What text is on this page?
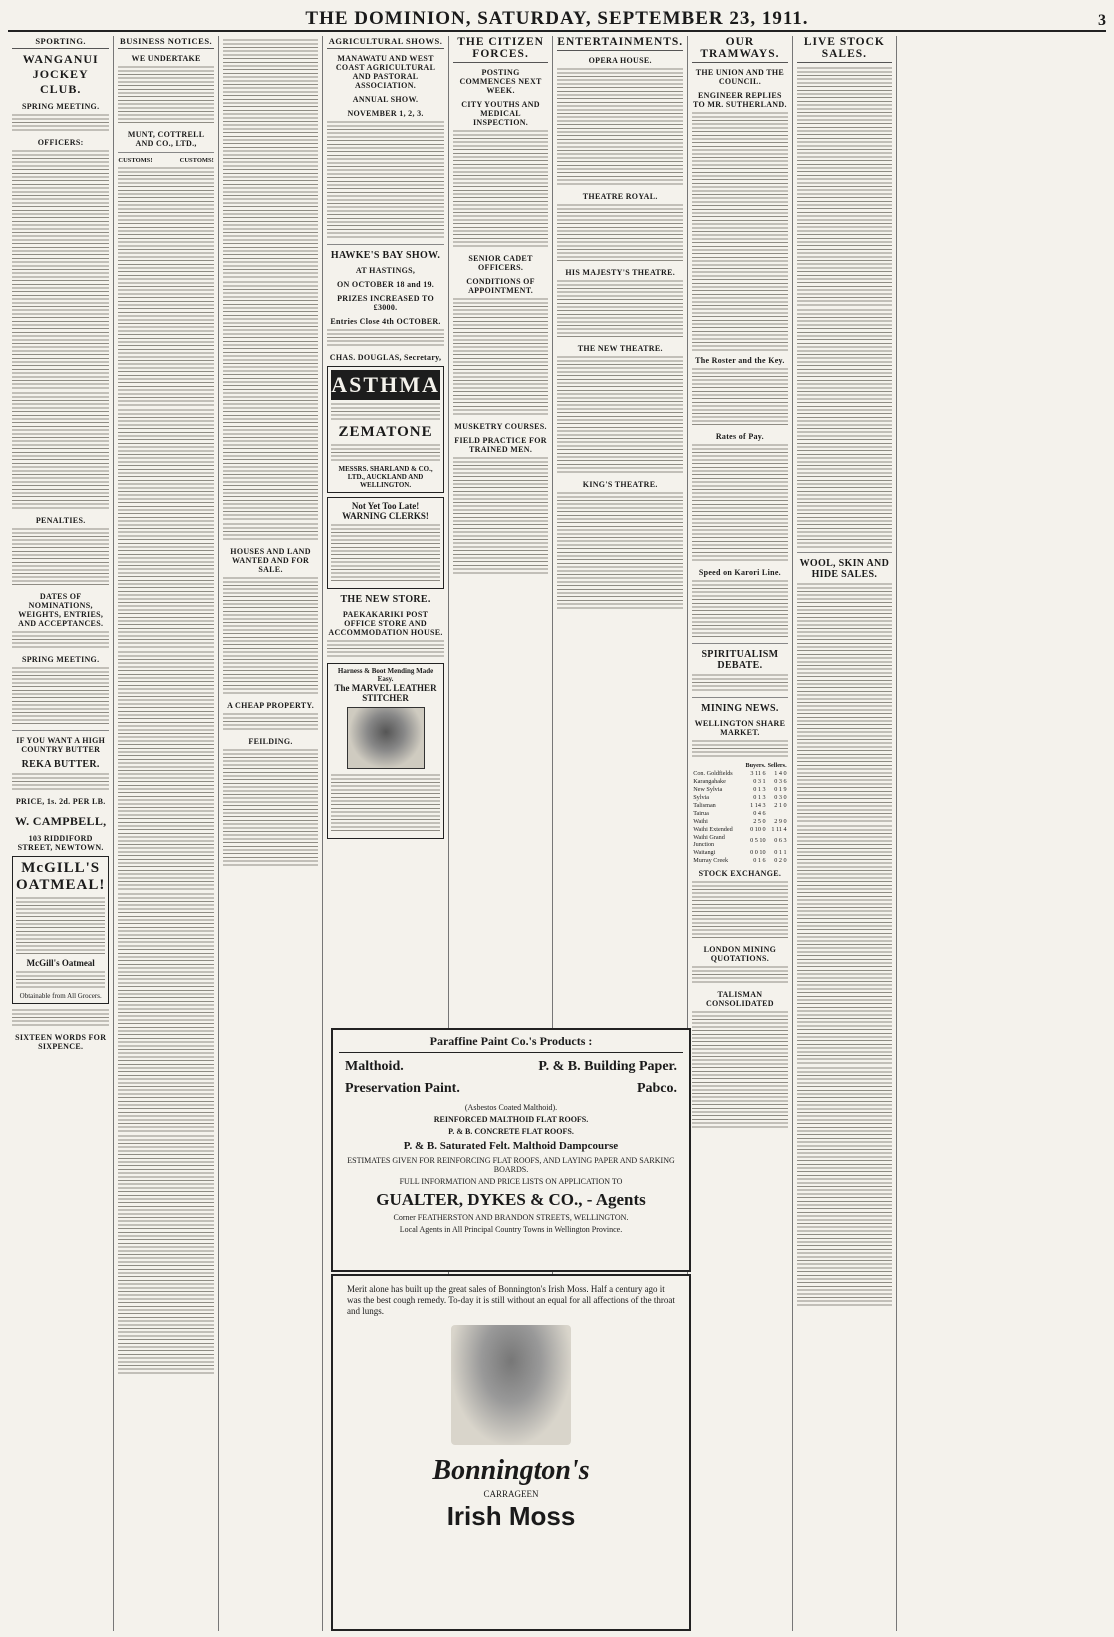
THE DOMINION, SATURDAY, SEPTEMBER 23, 1911.	3
SPORTING.
WANGANUI JOCKEY CLUB.
SPRING MEETING.
OFFICERS:
PENALTIES.
DATES OF NOMINATIONS, WEIGHTS, ENTRIES, AND ACCEPTANCES.
SPRING MEETING.
IF YOU WANT A HIGH COUNTRY BUTTER
REKA BUTTER.
PRICE, 1s. 2d. PER LB.
W. CAMPBELL,
103 RIDDIFORD STREET, NEWTOWN.
McGILL'S OATMEAL!
McGill's Oatmeal
Obtainable from All Grocers.
SIXTEEN WORDS FOR SIXPENCE.
BUSINESS NOTICES.
WE UNDERTAKE
MUNT, COTTRELL AND CO., LTD.,
CUSTOMS!	CUSTOMS!
HOUSES AND LAND WANTED AND FOR SALE.
A CHEAP PROPERTY.
FEILDING.
AGRICULTURAL SHOWS.
MANAWATU AND WEST COAST AGRICULTURAL AND PASTORAL ASSOCIATION.
ANNUAL SHOW.
NOVEMBER 1, 2, 3.
HAWKE'S BAY SHOW.
AT HASTINGS,
ON OCTOBER 18 and 19.
PRIZES INCREASED TO £3000.
Entries Close 4th OCTOBER.
CHAS. DOUGLAS, Secretary,
ASTHMA
ZEMATONE
MESSRS. SHARLAND & CO., LTD., AUCKLAND AND WELLINGTON.
Not Yet Too Late! WARNING CLERKS!
THE NEW STORE.
PAEKAKARIKI POST OFFICE STORE AND ACCOMMODATION HOUSE.
Harness & Boot Mending Made Easy.
The MARVEL LEATHER STITCHER
THE CITIZEN FORCES.
POSTING COMMENCES NEXT WEEK.
CITY YOUTHS AND MEDICAL INSPECTION.
SENIOR CADET OFFICERS.
CONDITIONS OF APPOINTMENT.
MUSKETRY COURSES.
FIELD PRACTICE FOR TRAINED MEN.
ENTERTAINMENTS.
OPERA HOUSE.
THEATRE ROYAL.
HIS MAJESTY'S THEATRE.
THE NEW THEATRE.
KING'S THEATRE.
OUR TRAMWAYS.
THE UNION AND THE COUNCIL.
ENGINEER REPLIES TO MR. SUTHERLAND.
The Roster and the Key.
Rates of Pay.
Speed on Karori Line.
SPIRITUALISM DEBATE.
MINING NEWS.
WELLINGTON SHARE MARKET.
	Buyers.	Sellers.
Con. Goldfields	3 11 6	1 4 0
Karangahake	0 3 1	0 3 6
New Sylvia	0 1 3	0 1 9
Sylvia	0 1 3	0 3 0
Talisman	1 14 3	2 1 0
Tairua	0 4 6	
Waihi	2 5 0	2 9 0
Waihi Extended	0 10 0	1 11 4
Waihi Grand Junction	0 5 10	0 6 3
Waitangi	0 0 10	0 1 1
Murray Creek	0 1 6	0 2 0
STOCK EXCHANGE.
LONDON MINING QUOTATIONS.
TALISMAN CONSOLIDATED
LIVE STOCK SALES.
WOOL, SKIN AND HIDE SALES.
Paraffine Paint Co.'s Products :
Malthoid.	P. & B. Building Paper.
Preservation Paint.	Pabco.
(Asbestos Coated Malthoid).
REINFORCED MALTHOID FLAT ROOFS.
P. & B. CONCRETE FLAT ROOFS.
P. & B. Saturated Felt. Malthoid Dampcourse
ESTIMATES GIVEN FOR REINFORCING FLAT ROOFS, AND LAYING PAPER AND SARKING BOARDS.
FULL INFORMATION AND PRICE LISTS ON APPLICATION TO
GUALTER, DYKES & CO., - Agents
Corner FEATHERSTON AND BRANDON STREETS, WELLINGTON.
Local Agents in All Principal Country Towns in Wellington Province.
Merit alone has built up the great sales of Bonnington's Irish Moss. Half a century ago it was the best cough remedy. To-day it is still without an equal for all affections of the throat and lungs.
Bonnington's
CARRAGEEN
Irish Moss
